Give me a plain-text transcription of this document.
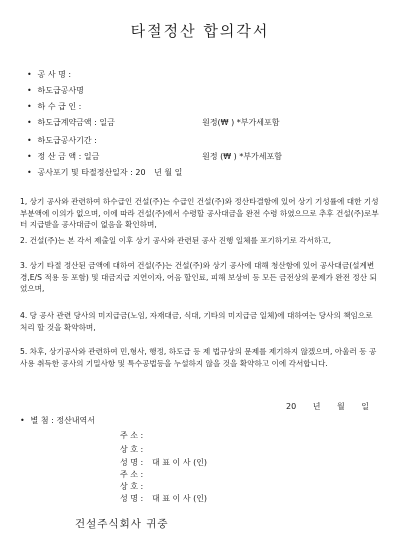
타절정산 합의각서
• 공 사 명 :
• 하도급공사명
• 하 수 급 인 :
• 하도급계약금액 : 일금	원정(₩ ) *부가세포함
• 하도급공사기간 :
• 정 산 금 액 : 일금	원정 (₩ ) *부가세포함
• 공사포기 및 타절정산일자 : 20 년 월 일

1, 상기 공사와 관련하여 하수급인 건설(주)는 수급인 건설(주)와 정산타결함에 있어 상기 기성률에 대한 기성부분액에 이의가 없으며, 이에 따라 건설(주)에서 수령할 공사대금을 완전 수령 하였으므로 추후 건설(주)로부터 지급받을 공사대금이 없음을 확인하며,

2. 건설(주)는 본 각서 제출일 이후 상기 공사와 관련된 공사 진행 일체를 포기하기로 각서하고,

3. 상기 타절 정산된 금액에 대하여 건설(주)는 건설(주)와 상기 공사에 대해 청산함에 있어 공사대금(설계변경,E/S 적용 등 포함) 및 대금지급 지연이자, 어음 할인료, 피해 보상비 등 모든 금전상의 문제가 완전 정산 되었으며,

4. 당 공사 관련 당사의 미지급금(노임, 자재대금, 식대, 기타의 미지급금 일체)에 대하여는 당사의 책임으로 처리 할 것을 확약하며,

5. 차후, 상기공사와 관련하여 민,형사, 행정, 하도급 등 제 법규상의 문제를 제기하지 않겠으며, 아울러 동 공사용 취득한 공사의 기밀사항 및 특수공법등을 누설하지 않을 것을 확약하고 이에 각서합니다.

20 년 월 일
• 별 첨 : 정산내역서
주 소 :
상 호 :
성 명 : 대 표 이 사 (인)
주 소 :
상 호 :
성 명 : 대 표 이 사 (인)
건설주식회사 귀중
